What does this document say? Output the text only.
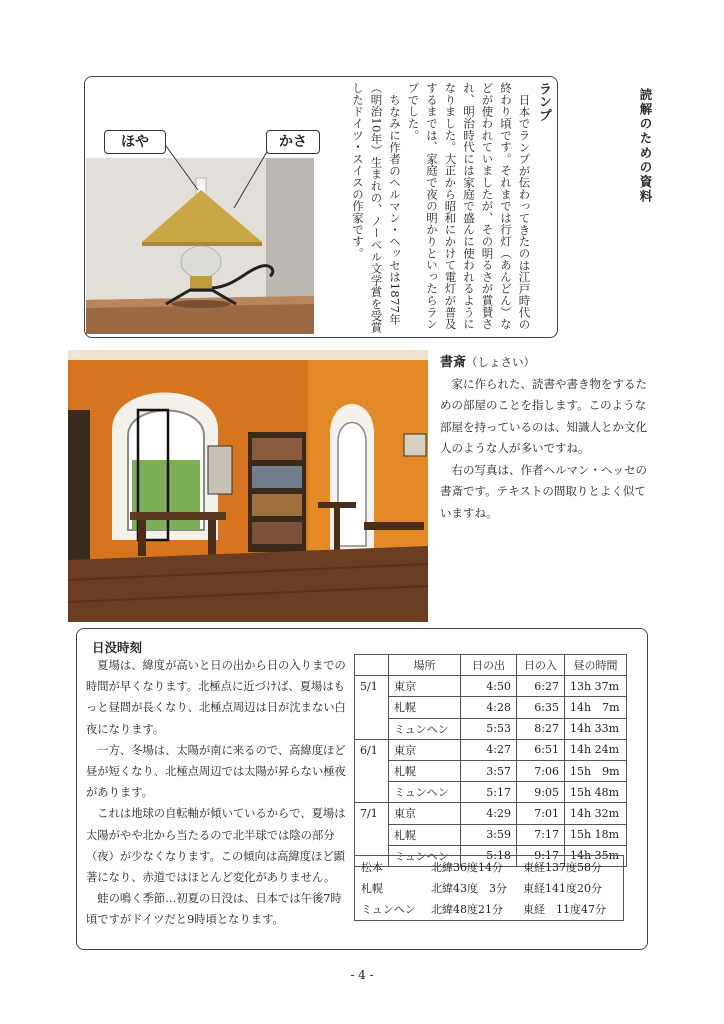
読解のための資料
ほや	かさ
ランプ
日本でランプが伝わってきたのは江戸時代の終わり頃です。それまでは行灯（あんどん）などが使われていましたが、その明るさが賞賛され、明治時代には家庭で盛んに使われるようになりました。大正から昭和にかけて電灯が普及するまでは、家庭で夜の明かりといったらランプでした。
ちなみに作者のヘルマン・ヘッセは1877年（明治10年）生まれの、ノーベル文学賞を受賞したドイツ・スイスの作家です。
書斎（しょさい）

家に作られた、読書や書き物をするための部屋のことを指します。このような部屋を持っているのは、知識人とか文化人のような人が多いですね。

右の写真は、作者ヘルマン・ヘッセの書斎です。テキストの間取りとよく似ていますね。

日没時刻

夏場は、緯度が高いと日の出から日の入りまでの時間が早くなります。北極点に近づけば、夏場はもっと昼間が長くなり、北極点周辺は日が沈まない白夜になります。

一方、冬場は、太陽が南に来るので、高緯度ほど昼が短くなり、北極点周辺では太陽が昇らない極夜があります。

これは地球の自転軸が傾いているからで、夏場は太陽がやや北から当たるので北半球では陰の部分（夜）が少なくなります。この傾向は高緯度ほど顕著になり、赤道ではほとんど変化がありません。

蛙の鳴く季節…初夏の日没は、日本では午後7時頃ですがドイツだと9時頃となります。

	場所	日の出	日の入	昼の時間
5/1	東京	4:50	6:27	13h 37m
	札幌	4:28	6:35	14h　7m
	ミュンヘン	5:53	8:27	14h 33m
6/1	東京	4:27	6:51	14h 24m
	札幌	3:57	7:06	15h　9m
	ミュンヘン	5:17	9:05	15h 48m
7/1	東京	4:29	7:01	14h 32m
	札幌	3:59	7:17	15h 18m
	ミュンヘン	5:18	9:17	14h 35m
松本	北緯36度14分	東経137度58分
札幌	北緯43度　3分	東経141度20分
ミュンヘン	北緯48度21分	東経　11度47分
- 4 -
